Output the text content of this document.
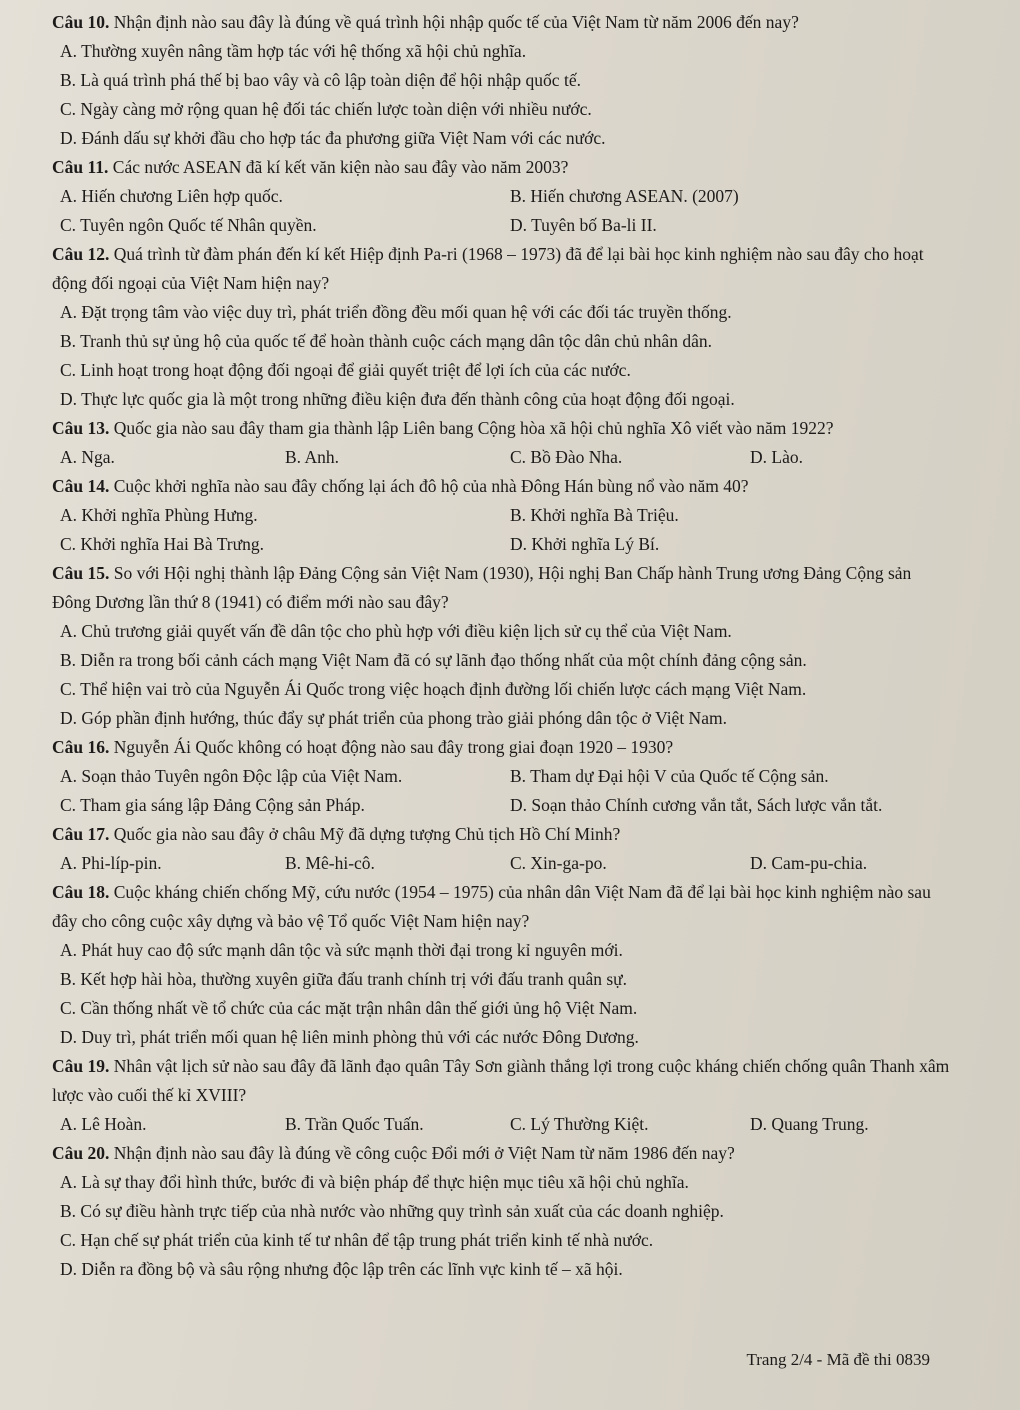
Câu 10. Nhận định nào sau đây là đúng về quá trình hội nhập quốc tế của Việt Nam từ năm 2006 đến nay?

A. Thường xuyên nâng tầm hợp tác với hệ thống xã hội chủ nghĩa.

B. Là quá trình phá thế bị bao vây và cô lập toàn diện để hội nhập quốc tế.

C. Ngày càng mở rộng quan hệ đối tác chiến lược toàn diện với nhiều nước.

D. Đánh dấu sự khởi đầu cho hợp tác đa phương giữa Việt Nam với các nước.

Câu 11. Các nước ASEAN đã kí kết văn kiện nào sau đây vào năm 2003?

A. Hiến chương Liên hợp quốc.	B. Hiến chương ASEAN. (2007)

C. Tuyên ngôn Quốc tế Nhân quyền.	D. Tuyên bố Ba-li II.

Câu 12. Quá trình từ đàm phán đến kí kết Hiệp định Pa-ri (1968 – 1973) đã để lại bài học kinh nghiệm nào sau đây cho hoạt động đối ngoại của Việt Nam hiện nay?

A. Đặt trọng tâm vào việc duy trì, phát triển đồng đều mối quan hệ với các đối tác truyền thống.

B. Tranh thủ sự ủng hộ của quốc tế để hoàn thành cuộc cách mạng dân tộc dân chủ nhân dân.

C. Linh hoạt trong hoạt động đối ngoại để giải quyết triệt để lợi ích của các nước.

D. Thực lực quốc gia là một trong những điều kiện đưa đến thành công của hoạt động đối ngoại.

Câu 13. Quốc gia nào sau đây tham gia thành lập Liên bang Cộng hòa xã hội chủ nghĩa Xô viết vào năm 1922?

A. Nga.	B. Anh.	C. Bồ Đào Nha.	D. Lào.

Câu 14. Cuộc khởi nghĩa nào sau đây chống lại ách đô hộ của nhà Đông Hán bùng nổ vào năm 40?

A. Khởi nghĩa Phùng Hưng.	B. Khởi nghĩa Bà Triệu.

C. Khởi nghĩa Hai Bà Trưng.	D. Khởi nghĩa Lý Bí.

Câu 15. So với Hội nghị thành lập Đảng Cộng sản Việt Nam (1930), Hội nghị Ban Chấp hành Trung ương Đảng Cộng sản Đông Dương lần thứ 8 (1941) có điểm mới nào sau đây?

A. Chủ trương giải quyết vấn đề dân tộc cho phù hợp với điều kiện lịch sử cụ thể của Việt Nam.

B. Diễn ra trong bối cảnh cách mạng Việt Nam đã có sự lãnh đạo thống nhất của một chính đảng cộng sản.

C. Thể hiện vai trò của Nguyễn Ái Quốc trong việc hoạch định đường lối chiến lược cách mạng Việt Nam.

D. Góp phần định hướng, thúc đẩy sự phát triển của phong trào giải phóng dân tộc ở Việt Nam.

Câu 16. Nguyễn Ái Quốc không có hoạt động nào sau đây trong giai đoạn 1920 – 1930?

A. Soạn thảo Tuyên ngôn Độc lập của Việt Nam.	B. Tham dự Đại hội V của Quốc tế Cộng sản.

C. Tham gia sáng lập Đảng Cộng sản Pháp.	D. Soạn thảo Chính cương vắn tắt, Sách lược vắn tắt.

Câu 17. Quốc gia nào sau đây ở châu Mỹ đã dựng tượng Chủ tịch Hồ Chí Minh?

A. Phi-líp-pin.	B. Mê-hi-cô.	C. Xin-ga-po.	D. Cam-pu-chia.

Câu 18. Cuộc kháng chiến chống Mỹ, cứu nước (1954 – 1975) của nhân dân Việt Nam đã để lại bài học kinh nghiệm nào sau đây cho công cuộc xây dựng và bảo vệ Tổ quốc Việt Nam hiện nay?

A. Phát huy cao độ sức mạnh dân tộc và sức mạnh thời đại trong kỉ nguyên mới.

B. Kết hợp hài hòa, thường xuyên giữa đấu tranh chính trị với đấu tranh quân sự.

C. Cần thống nhất về tổ chức của các mặt trận nhân dân thế giới ủng hộ Việt Nam.

D. Duy trì, phát triển mối quan hệ liên minh phòng thủ với các nước Đông Dương.

Câu 19. Nhân vật lịch sử nào sau đây đã lãnh đạo quân Tây Sơn giành thắng lợi trong cuộc kháng chiến chống quân Thanh xâm lược vào cuối thế kỉ XVIII?

A. Lê Hoàn.	B. Trần Quốc Tuấn.	C. Lý Thường Kiệt.	D. Quang Trung.

Câu 20. Nhận định nào sau đây là đúng về công cuộc Đổi mới ở Việt Nam từ năm 1986 đến nay?

A. Là sự thay đổi hình thức, bước đi và biện pháp để thực hiện mục tiêu xã hội chủ nghĩa.

B. Có sự điều hành trực tiếp của nhà nước vào những quy trình sản xuất của các doanh nghiệp.

C. Hạn chế sự phát triển của kinh tế tư nhân để tập trung phát triển kinh tế nhà nước.

D. Diễn ra đồng bộ và sâu rộng nhưng độc lập trên các lĩnh vực kinh tế – xã hội.

Trang 2/4 - Mã đề thi 0839
